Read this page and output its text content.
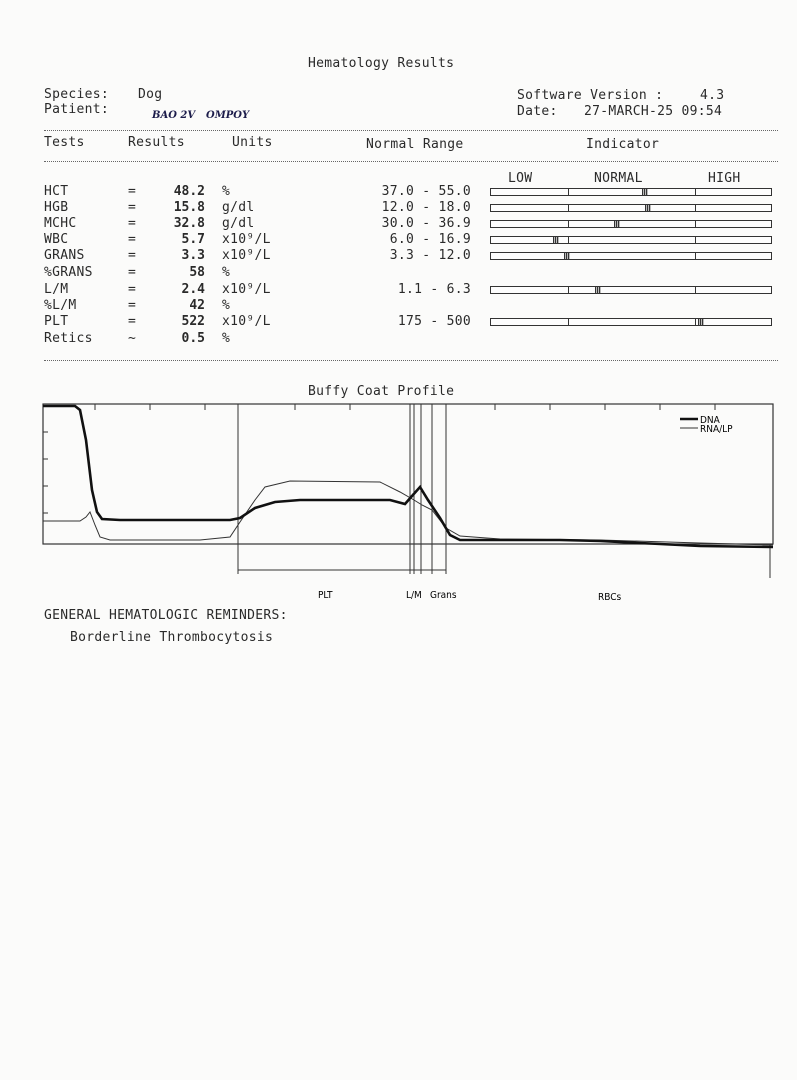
Hematology Results
Species: Dog
Patient:	BAO 2V OMPOY
Software Version :	4.3
Date: 27-MARCH-25 09:54
Tests	Results	Units	Normal Range	Indicator
LOW	NORMAL	HIGH
HCT	=	48.2 %	37.0 - 55.0
HGB	=	15.8 g/dl	12.0 - 18.0
MCHC	=	32.8 g/dl	30.0 - 36.9
WBC	=	5.7 x10⁹/L	6.0 - 16.9
GRANS	=	3.3 x10⁹/L	3.3 - 12.0
%GRANS	=	58 %
L/M	=	2.4 x10⁹/L	1.1 - 6.3
%L/M	=	42 %
PLT	=	522 x10⁹/L	175 - 500
Retics	~	0.5 %
Buffy Coat Profile
DNA
RNA/LP
PLT	L/M Grans	RBCs
GENERAL HEMATOLOGIC REMINDERS:
Borderline Thrombocytosis
